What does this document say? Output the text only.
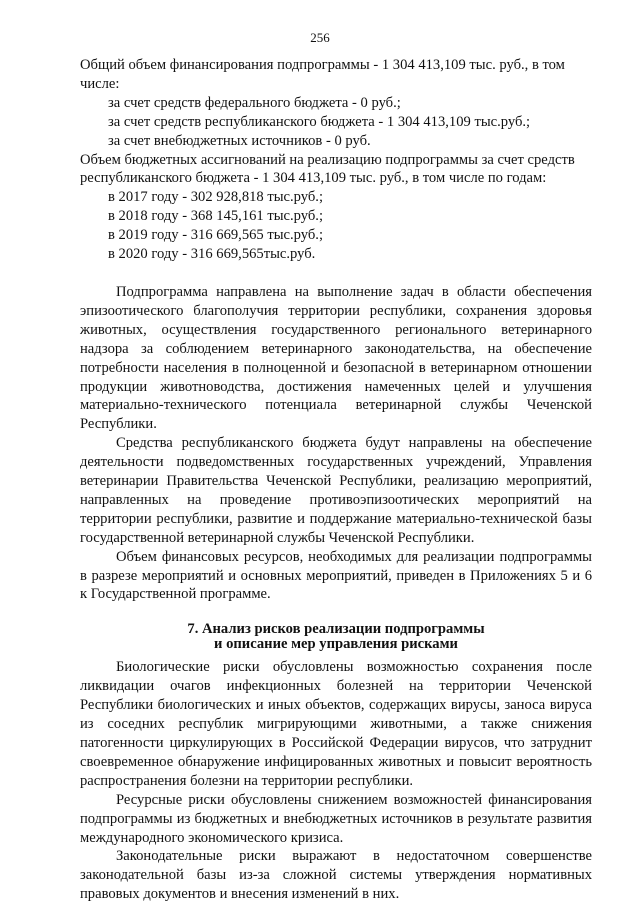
256

Общий объем финансирования подпрограммы - 1 304 413,109 тыс. руб., в том числе:

за счет средств федерального бюджета - 0 руб.;

за счет средств республиканского бюджета - 1 304 413,109 тыс.руб.;

за счет внебюджетных источников - 0 руб.

Объем бюджетных ассигнований на реализацию подпрограммы за счет средств республиканского бюджета - 1 304 413,109 тыс. руб., в том числе по годам:

в 2017 году - 302 928,818 тыс.руб.;

в 2018 году - 368 145,161 тыс.руб.;

в 2019 году - 316 669,565 тыс.руб.;

в 2020 году - 316 669,565тыс.руб.

Подпрограмма направлена на выполнение задач в области обеспечения эпизоотического благополучия территории республики, сохранения здоровья животных, осуществления государственного регионального ветеринарного надзора за соблюдением ветеринарного законодательства, на обеспечение потребности населения в полноценной и безопасной в ветеринарном отношении продукции животноводства, достижения намеченных целей и улучшения материально-технического потенциала ветеринарной службы Чеченской Республики.

Средства республиканского бюджета будут направлены на обеспечение деятельности подведомственных государственных учреждений, Управления ветеринарии Правительства Чеченской Республики, реализацию мероприятий, направленных на проведение противоэпизоотических мероприятий на территории республики, развитие и поддержание материально-технической базы государственной ветеринарной службы Чеченской Республики.

Объем финансовых ресурсов, необходимых для реализации подпрограммы в разрезе мероприятий и основных мероприятий, приведен в Приложениях 5 и 6 к Государственной программе.

7. Анализ рисков реализации подпрограммы

и описание мер управления рисками

Биологические риски обусловлены возможностью сохранения после ликвидации очагов инфекционных болезней на территории Чеченской Республики биологических и иных объектов, содержащих вирусы, заноса вируса из соседних республик мигрирующими животными, а также снижения патогенности циркулирующих в Российской Федерации вирусов, что затруднит своевременное обнаружение инфицированных животных и повысит вероятность распространения болезни на территории республики.

Ресурсные риски обусловлены снижением возможностей финансирования подпрограммы из бюджетных и внебюджетных источников в результате развития международного экономического кризиса.

Законодательные риски выражают в недостаточном совершенстве законодательной базы из-за сложной системы утверждения нормативных правовых документов и внесения изменений в них.
